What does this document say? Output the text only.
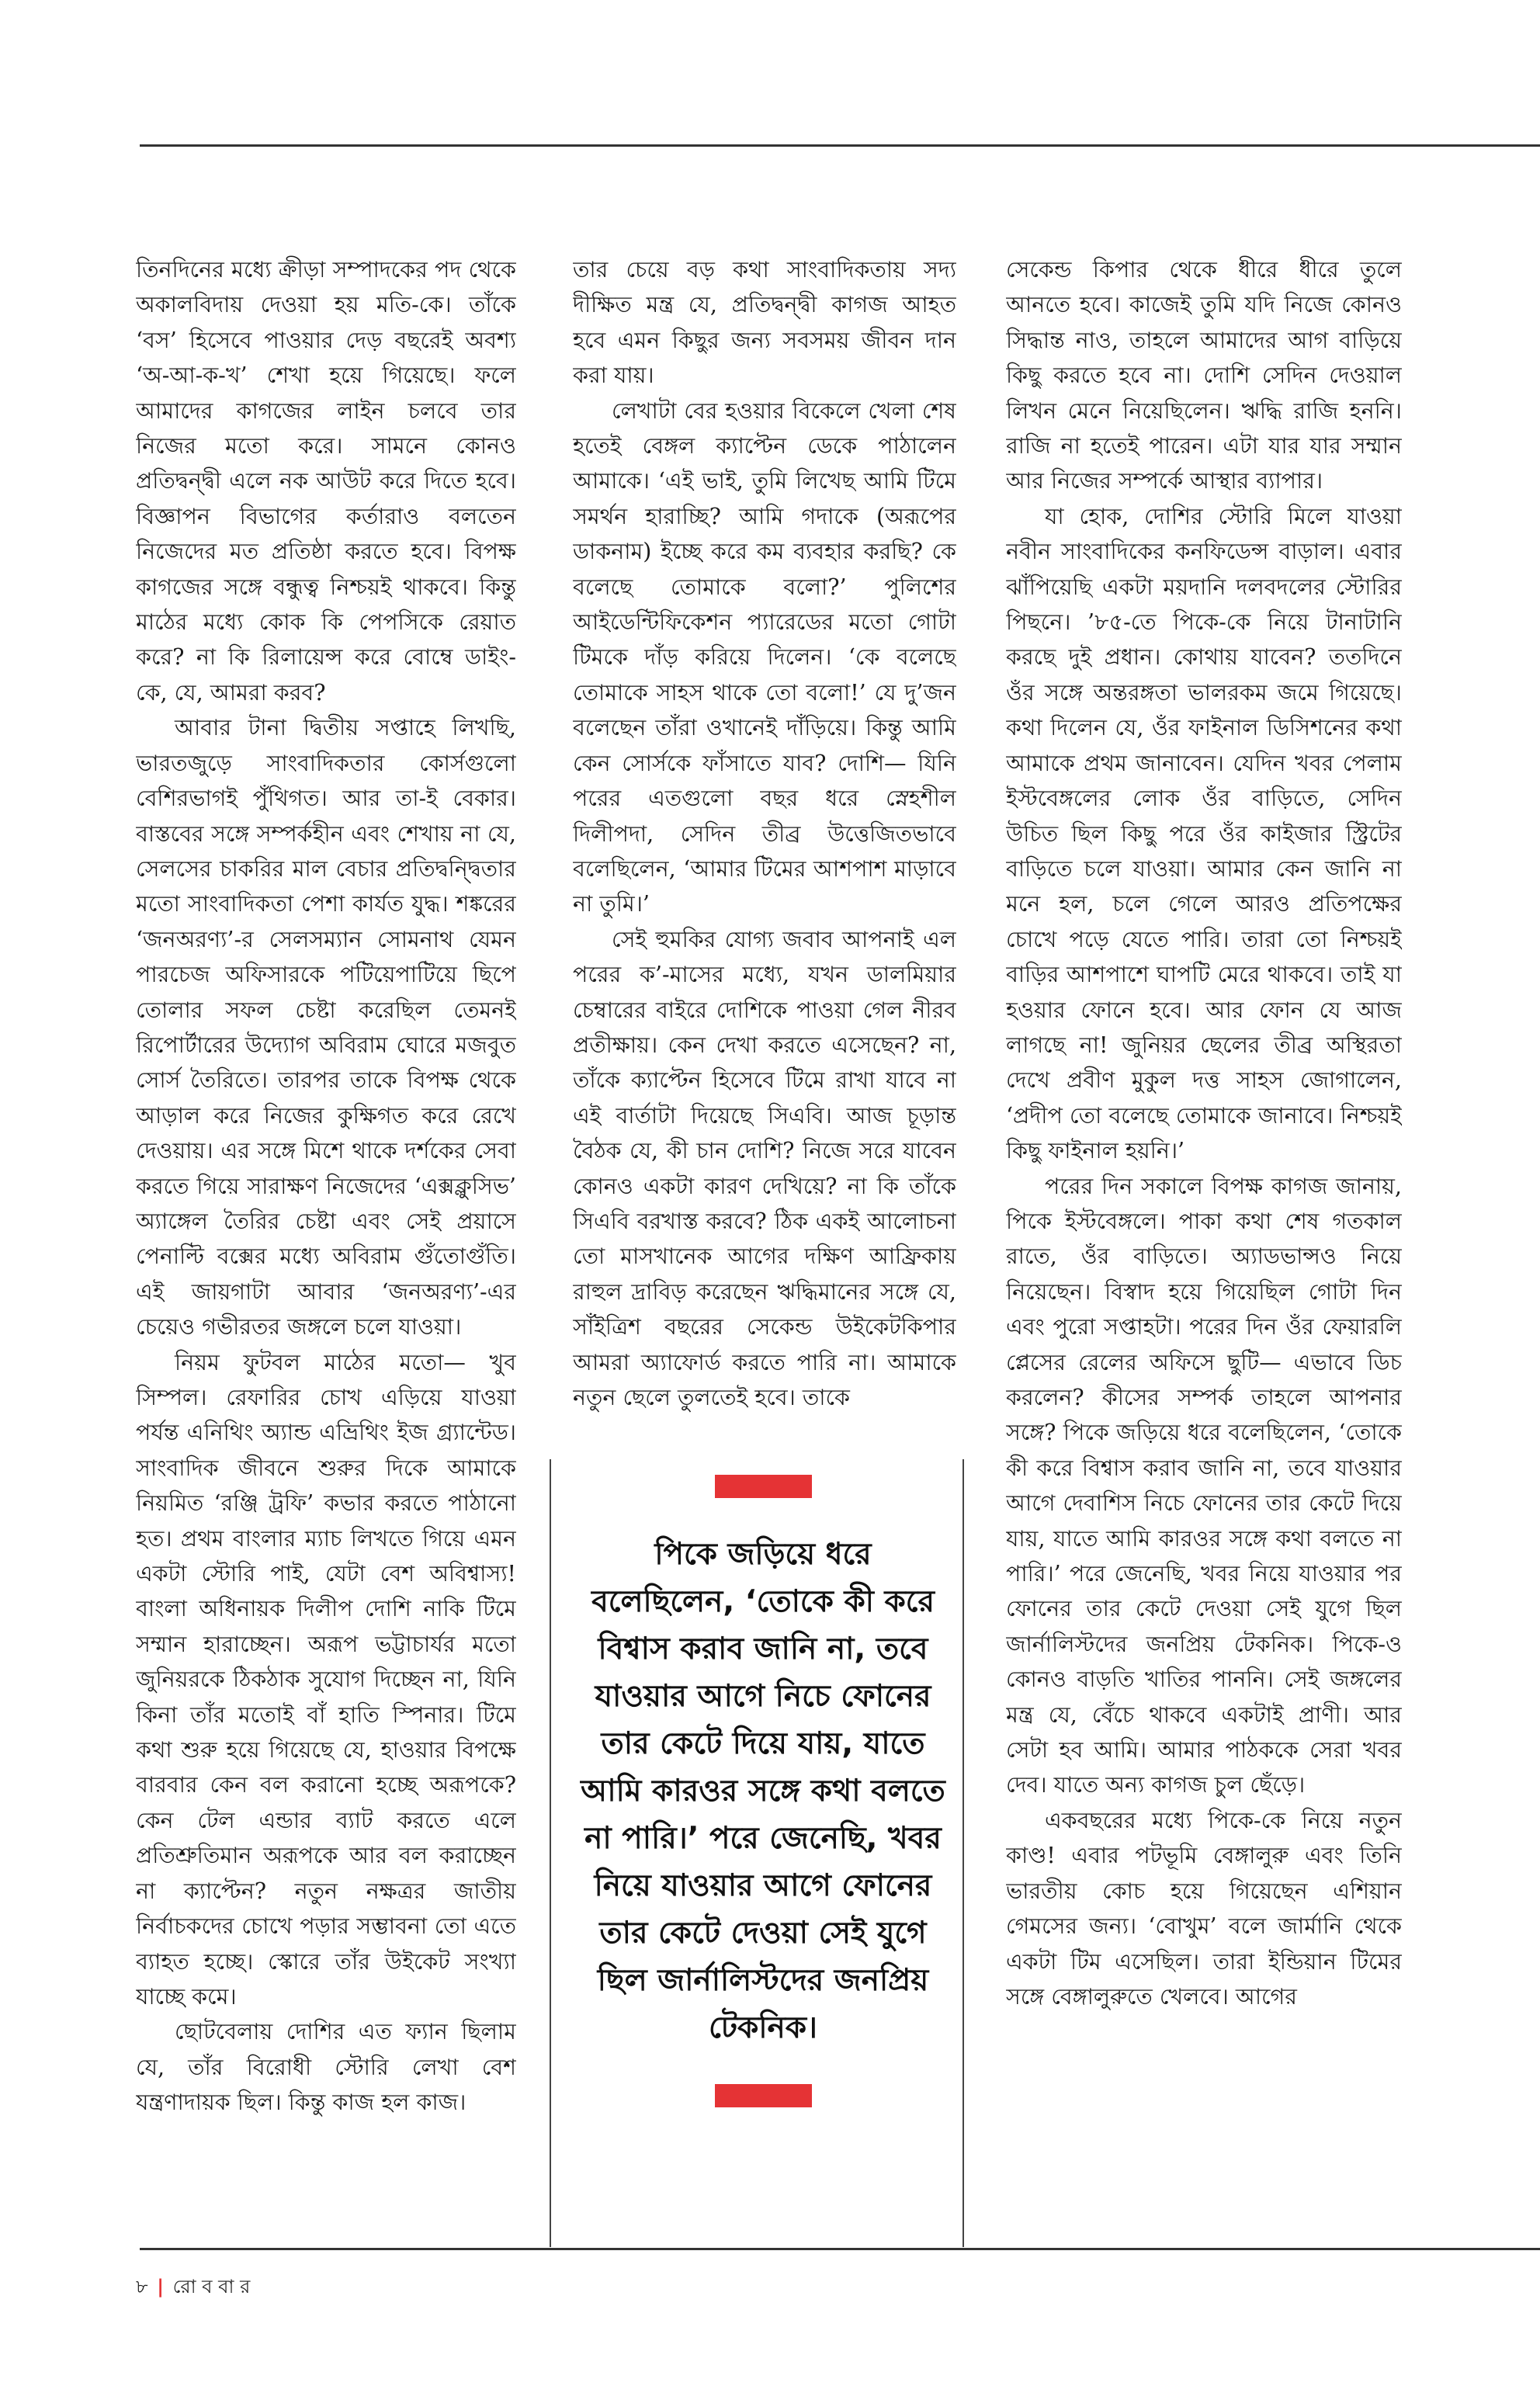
তিনদিনের মধ্যে ক্রীড়া সম্পাদকের পদ থেকে অকালবিদায় দেওয়া হয় মতি-কে। তাঁকে ‘বস’ হিসেবে পাওয়ার দেড় বছরেই অবশ্য ‘অ-আ-ক-খ’ শেখা হয়ে গিয়েছে। ফলে আমাদের কাগজের লাইন চলবে তার নিজের মতো করে। সামনে কোনও প্রতিদ্বন্দ্বী এলে নক আউট করে দিতে হবে। বিজ্ঞাপন বিভাগের কর্তারাও বলতেন নিজেদের মত প্রতিষ্ঠা করতে হবে। বিপক্ষ কাগজের সঙ্গে বন্ধুত্ব নিশ্চয়ই থাকবে। কিন্তু মাঠের মধ্যে কোক কি পেপসিকে রেয়াত করে? না কি রিলায়েন্স করে বোম্বে ডাইং-কে, যে, আমরা করব?

আবার টানা দ্বিতীয় সপ্তাহে লিখছি, ভারতজুড়ে সাংবাদিকতার কোর্সগুলো বেশিরভাগই পুঁথিগত। আর তা-ই বেকার। বাস্তবের সঙ্গে সম্পর্কহীন এবং শেখায় না যে, সেলসের চাকরির মাল বেচার প্রতিদ্বন্দ্বিতার মতো সাংবাদিকতা পেশা কার্যত যুদ্ধ। শঙ্করের ‘জনঅরণ্য’-র সেলসম্যান সোমনাথ যেমন পারচেজ অফিসারকে পটিয়েপাটিয়ে ছিপে তোলার সফল চেষ্টা করেছিল তেমনই রিপোর্টারের উদ্যোগ অবিরাম ঘোরে মজবুত সোর্স তৈরিতে। তারপর তাকে বিপক্ষ থেকে আড়াল করে নিজের কুক্ষিগত করে রেখে দেওয়ায়। এর সঙ্গে মিশে থাকে দর্শকের সেবা করতে গিয়ে সারাক্ষণ নিজেদের ‘এক্সক্লুসিভ’ অ্যাঙ্গেল তৈরির চেষ্টা এবং সেই প্রয়াসে পেনাল্টি বক্সের মধ্যে অবিরাম গুঁতোগুঁতি। এই জায়গাটা আবার ‘জনঅরণ্য’-এর চেয়েও গভীরতর জঙ্গলে চলে যাওয়া।

নিয়ম ফুটবল মাঠের মতো— খুব সিম্পল। রেফারির চোখ এড়িয়ে যাওয়া পর্যন্ত এনিথিং অ্যান্ড এভ্রিথিং ইজ গ্র্যান্টেড। সাংবাদিক জীবনে শুরুর দিকে আমাকে নিয়মিত ‘রঞ্জি ট্রফি’ কভার করতে পাঠানো হত। প্রথম বাংলার ম্যাচ লিখতে গিয়ে এমন একটা স্টোরি পাই, যেটা বেশ অবিশ্বাস্য! বাংলা অধিনায়ক দিলীপ দোশি নাকি টিমে সম্মান হারাচ্ছেন। অরূপ ভট্টাচার্যর মতো জুনিয়রকে ঠিকঠাক সুযোগ দিচ্ছেন না, যিনি কিনা তাঁর মতোই বাঁ হাতি স্পিনার। টিমে কথা শুরু হয়ে গিয়েছে যে, হাওয়ার বিপক্ষে বারবার কেন বল করানো হচ্ছে অরূপকে? কেন টেল এন্ডার ব্যাট করতে এলে প্রতিশ্রুতিমান অরূপকে আর বল করাচ্ছেন না ক্যাপ্টেন? নতুন নক্ষত্রর জাতীয় নির্বাচকদের চোখে পড়ার সম্ভাবনা তো এতে ব্যাহত হচ্ছে। স্কোরে তাঁর উইকেট সংখ্যা যাচ্ছে কমে।

ছোটবেলায় দোশির এত ফ্যান ছিলাম যে, তাঁর বিরোধী স্টোরি লেখা বেশ যন্ত্রণাদায়ক ছিল। কিন্তু কাজ হল কাজ।

তার চেয়ে বড় কথা সাংবাদিকতায় সদ্য দীক্ষিত মন্ত্র যে, প্রতিদ্বন্দ্বী কাগজ আহত হবে এমন কিছুর জন্য সবসময় জীবন দান করা যায়।

লেখাটা বের হওয়ার বিকেলে খেলা শেষ হতেই বেঙ্গল ক্যাপ্টেন ডেকে পাঠালেন আমাকে। ‘এই ভাই, তুমি লিখেছ আমি টিমে সমর্থন হারাচ্ছি? আমি গদাকে (অরূপের ডাকনাম) ইচ্ছে করে কম ব্যবহার করছি? কে বলেছে তোমাকে বলো?’ পুলিশের আইডেন্টিফিকেশন প্যারেডের মতো গোটা টিমকে দাঁড় করিয়ে দিলেন। ‘কে বলেছে তোমাকে সাহস থাকে তো বলো!’ যে দু’জন বলেছেন তাঁরা ওখানেই দাঁড়িয়ে। কিন্তু আমি কেন সোর্সকে ফাঁসাতে যাব? দোশি— যিনি পরের এতগুলো বছর ধরে স্নেহশীল দিলীপদা, সেদিন তীব্র উত্তেজিতভাবে বলেছিলেন, ‘আমার টিমের আশপাশ মাড়াবে না তুমি।’

সেই হুমকির যোগ্য জবাব আপনাই এল পরের ক’-মাসের মধ্যে, যখন ডালমিয়ার চেম্বারের বাইরে দোশিকে পাওয়া গেল নীরব প্রতীক্ষায়। কেন দেখা করতে এসেছেন? না, তাঁকে ক্যাপ্টেন হিসেবে টিমে রাখা যাবে না এই বার্তাটা দিয়েছে সিএবি। আজ চূড়ান্ত বৈঠক যে, কী চান দোশি? নিজে সরে যাবেন কোনও একটা কারণ দেখিয়ে? না কি তাঁকে সিএবি বরখাস্ত করবে? ঠিক একই আলোচনা তো মাসখানেক আগের দক্ষিণ আফ্রিকায় রাহুল দ্রাবিড় করেছেন ঋদ্ধিমানের সঙ্গে যে, সাঁইত্রিশ বছরের সেকেন্ড উইকেটকিপার আমরা অ্যাফোর্ড করতে পারি না। আমাকে নতুন ছেলে তুলতেই হবে। তাকে

পিকে জড়িয়ে ধরে বলেছিলেন, ‘তোকে কী করে বিশ্বাস করাব জানি না, তবে যাওয়ার আগে নিচে ফোনের তার কেটে দিয়ে যায়, যাতে আমি কারওর সঙ্গে কথা বলতে না পারি।’ পরে জেনেছি, খবর নিয়ে যাওয়ার আগে ফোনের তার কেটে দেওয়া সেই যুগে ছিল জার্নালিস্টদের জনপ্রিয় টেকনিক।

সেকেন্ড কিপার থেকে ধীরে ধীরে তুলে আনতে হবে। কাজেই তুমি যদি নিজে কোনও সিদ্ধান্ত নাও, তাহলে আমাদের আগ বাড়িয়ে কিছু করতে হবে না। দোশি সেদিন দেওয়াল লিখন মেনে নিয়েছিলেন। ঋদ্ধি রাজি হননি। রাজি না হতেই পারেন। এটা যার যার সম্মান আর নিজের সম্পর্কে আস্থার ব্যাপার।

যা হোক, দোশির স্টোরি মিলে যাওয়া নবীন সাংবাদিকের কনফিডেন্স বাড়াল। এবার ঝাঁপিয়েছি একটা ময়দানি দলবদলের স্টোরির পিছনে। ’৮৫-তে পিকে-কে নিয়ে টানাটানি করছে দুই প্রধান। কোথায় যাবেন? ততদিনে ওঁর সঙ্গে অন্তরঙ্গতা ভালরকম জমে গিয়েছে। কথা দিলেন যে, ওঁর ফাইনাল ডিসিশনের কথা আমাকে প্রথম জানাবেন। যেদিন খবর পেলাম ইস্টবেঙ্গলের লোক ওঁর বাড়িতে, সেদিন উচিত ছিল কিছু পরে ওঁর কাইজার স্ট্রিটের বাড়িতে চলে যাওয়া। আমার কেন জানি না মনে হল, চলে গেলে আরও প্রতিপক্ষের চোখে পড়ে যেতে পারি। তারা তো নিশ্চয়ই বাড়ির আশপাশে ঘাপটি মেরে থাকবে। তাই যা হওয়ার ফোনে হবে। আর ফোন যে আজ লাগছে না! জুনিয়র ছেলের তীব্র অস্থিরতা দেখে প্রবীণ মুকুল দত্ত সাহস জোগালেন, ‘প্রদীপ তো বলেছে তোমাকে জানাবে। নিশ্চয়ই কিছু ফাইনাল হয়নি।’

পরের দিন সকালে বিপক্ষ কাগজ জানায়, পিকে ইস্টবেঙ্গলে। পাকা কথা শেষ গতকাল রাতে, ওঁর বাড়িতে। অ্যাডভান্সও নিয়ে নিয়েছেন। বিস্বাদ হয়ে গিয়েছিল গোটা দিন এবং পুরো সপ্তাহটা। পরের দিন ওঁর ফেয়ারলি প্লেসের রেলের অফিসে ছুটি— এভাবে ডিচ করলেন? কীসের সম্পর্ক তাহলে আপনার সঙ্গে? পিকে জড়িয়ে ধরে বলেছিলেন, ‘তোকে কী করে বিশ্বাস করাব জানি না, তবে যাওয়ার আগে দেবাশিস নিচে ফোনের তার কেটে দিয়ে যায়, যাতে আমি কারওর সঙ্গে কথা বলতে না পারি।’ পরে জেনেছি, খবর নিয়ে যাওয়ার পর ফোনের তার কেটে দেওয়া সেই যুগে ছিল জার্নালিস্টদের জনপ্রিয় টেকনিক। পিকে-ও কোনও বাড়তি খাতির পাননি। সেই জঙ্গলের মন্ত্র যে, বেঁচে থাকবে একটাই প্রাণী। আর সেটা হব আমি। আমার পাঠককে সেরা খবর দেব। যাতে অন্য কাগজ চুল ছেঁড়ে।

একবছরের মধ্যে পিকে-কে নিয়ে নতুন কাণ্ড! এবার পটভূমি বেঙ্গালুরু এবং তিনি ভারতীয় কোচ হয়ে গিয়েছেন এশিয়ান গেমসের জন্য। ‘বোখুম’ বলে জার্মানি থেকে একটা টিম এসেছিল। তারা ইন্ডিয়ান টিমের সঙ্গে বেঙ্গালুরুতে খেলবে। আগের

৮ | রো ব বা র
